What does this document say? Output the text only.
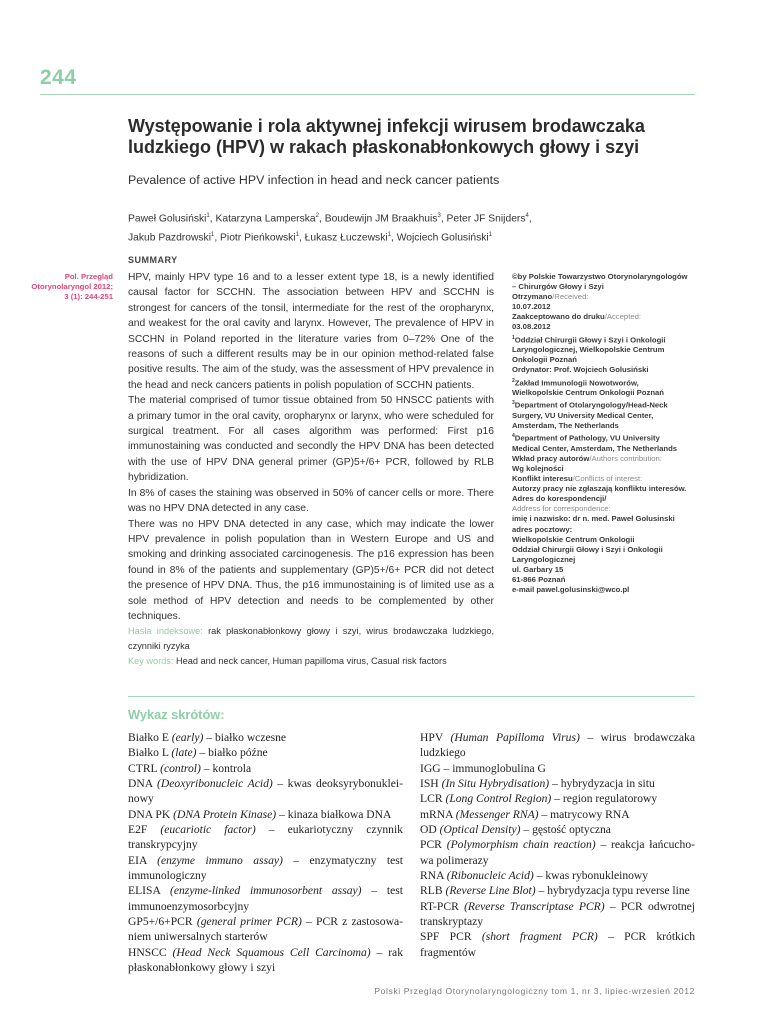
244
Występowanie i rola aktywnej infekcji wirusem brodawczaka ludzkiego (HPV) w rakach płaskonabłonkowych głowy i szyi

Pevalence of active HPV infection in head and neck cancer patients

Paweł Golusiński$^1$, Katarzyna Lamperska$^2$, Boudewijn JM Braakhuis$^3$, Peter JF Snijders$^4$,
Jakub Pazdrowski$^1$, Piotr Pieńkowski$^1$, Łukasz Łuczewski$^1$, Wojciech Golusiński$^1$
SUMMARY
Pol. Przegląd
Otorynolaryngol 2012;
3 (1): 244-251

HPV, mainly HPV type 16 and to a lesser extent type 18, is a newly identified causal factor for SCCHN. The association between HPV and SCCHN is strongest for cancers of the tonsil, intermediate for the rest of the oropharynx, and weakest for the oral cavity and larynx. However, The prevalence of HPV in SCCHN in Poland reported in the literature varies from 0–72% One of the reasons of such a different results may be in our opinion method-related false positive results. The aim of the study, was the assessment of HPV prevalence in the head and neck cancers patients in polish population of SCCHN patients.

The material comprised of tumor tissue obtained from 50 HNSCC patients with a primary tumor in the oral cavity, oropharynx or larynx, who were scheduled for surgical treatment. For all cases algorithm was performed: First p16 immunostaining was conducted and secondly the HPV DNA has been detected with the use of HPV DNA general primer (GP)5+/6+ PCR, followed by RLB hybridization.

In 8% of cases the staining was observed in 50% of cancer cells or more. There was no HPV DNA detected in any case.

There was no HPV DNA detected in any case, which may indicate the lower HPV prevalence in polish population than in Western Europe and US and smoking and drinking associated carcinogenesis. The p16 expression has been found in 8% of the patients and supplementary (GP)5+/6+ PCR did not detect the presence of HPV DNA. Thus, the p16 immunostaining is of limited use as a sole method of HPV detection and needs to be complemented by other techniques.

Hasła indeksowe: rak płaskonabłonkowy głowy i szyi, wirus brodawczaka ludzkiego, czynniki ryzyka

Key words: Head and neck cancer, Human papilloma virus, Casual risk factors

©by Polskie Towarzystwo Otorynolaryngologów
– Chirurgów Głowy i Szyi
Otrzymano/Received:
10.07.2012
Zaakceptowano do druku/Accepted:
03.08.2012
$^1$Oddział Chirurgii Głowy i Szyi i Onkologii
Laryngologicznej, Wielkopolskie Centrum
Onkologii Poznań
Ordynator: Prof. Wojciech Golusiński
$^2$Zakład Immunologii Nowotworów,
Wielkopolskie Centrum Onkologii Poznań
$^3$Department of Otolaryngology/Head-Neck
Surgery, VU University Medical Center,
Amsterdam, The Netherlands
$^4$Department of Pathology, VU University
Medical Center, Amsterdam, The Netherlands
Wkład pracy autorów/Authors contribution:
Wg kolejności
Konflikt interesu/Conflicts of interest:
Autorzy pracy nie zgłaszają konfliktu interesów.
Adres do korespondencji/
Address for correspondence:
imię i nazwisko: dr n. med. Paweł Golusinski
adres pocztowy:
Wielkopolskie Centrum Onkologii
Oddział Chirurgii Głowy i Szyi i Onkologii
Laryngologicznej
ul. Garbary 15
61-866 Poznań
e-mail pawel.golusinski@wco.pl
Wykaz skrótów:

Białko E (early) – białko wczesne

Białko L (late) – białko późne

CTRL (control) – kontrola

DNA (Deoxyribonucleic Acid) – kwas deoksyrybonuklei-nowy

DNA PK (DNA Protein Kinase) – kinaza białkowa DNA

E2F (eucariotic factor) – eukariotyczny czynnik transkrypcyjny

EIA (enzyme immuno assay) – enzymatyczny test immunologiczny

ELISA (enzyme-linked immunosorbent assay) – test immunoenzymosorbcyjny

GP5+/6+PCR (general primer PCR) – PCR z zastosowa-niem uniwersalnych starterów

HNSCC (Head Neck Squamous Cell Carcinoma) – rak płaskonabłonkowy głowy i szyi

HPV (Human Papilloma Virus) – wirus brodawczaka ludzkiego

IGG – immunoglobulina G

ISH (In Situ Hybrydisation) – hybrydyzacja in situ

LCR (Long Control Region) – region regulatorowy

mRNA (Messenger RNA) – matrycowy RNA

OD (Optical Density) – gęstość optyczna

PCR (Polymorphism chain reaction) – reakcja łańcucho-wa polimerazy

RNA (Ribonucleic Acid) – kwas rybonukleinowy

RLB (Reverse Line Blot) – hybrydyzacja typu reverse line

RT-PCR (Reverse Transcriptase PCR) – PCR odwrotnej transkryptazy

SPF PCR (short fragment PCR) – PCR krótkich fragmentów

Polski Przegląd Otorynolaryngologiczny tom 1, nr 3, lipiec-wrzesień 2012
